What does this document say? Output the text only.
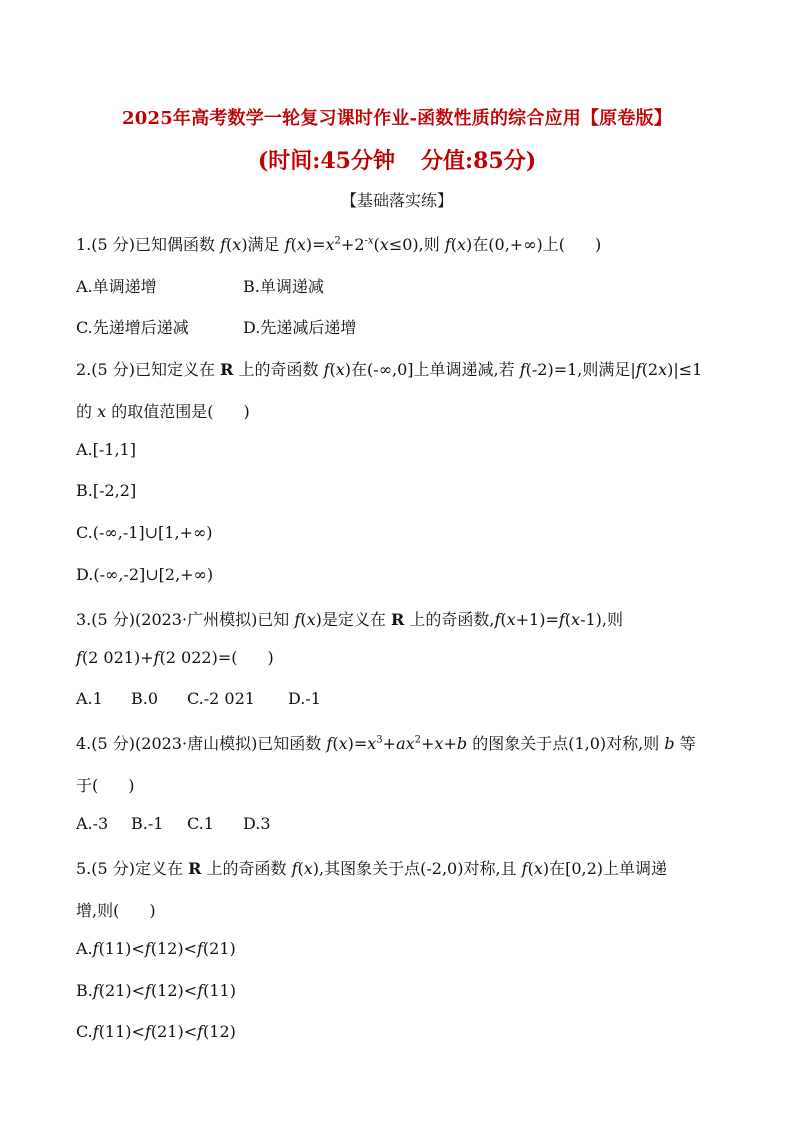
2025年高考数学一轮复习课时作业-函数性质的综合应用【原卷版】
(时间:45分钟 分值:85分)
【基础落实练】
1.(5 分)已知偶函数 f(x)满足 $f(x)=x^2+2^{-x}(x\le 0)$,则 f(x)在(0,+∞)上( )
A.单调递增	B.单调递减
C.先递增后递减	D.先递减后递增
2.(5 分)已知定义在 R 上的奇函数 f(x)在(-∞,0]上单调递减,若 f(-2)=1,则满足|f(2x)|≤1
的 x 的取值范围是( )
A.[-1,1]
B.[-2,2]
C.(-∞,-1]∪[1,+∞)
D.(-∞,-2]∪[2,+∞)
3.(5 分)(2023·广州模拟)已知 f(x)是定义在 R 上的奇函数,f(x+1)=f(x-1),则
f(2 021)+f(2 022)=( )
A.1 B.0 C.-2 021 D.-1
4.(5 分)(2023·唐山模拟)已知函数 $f(x)=x^3+ax^2+x+b$ 的图象关于点(1,0)对称,则 b 等
于( )
A.-3 B.-1 C.1 D.3
5.(5 分)定义在 R 上的奇函数 f(x),其图象关于点(-2,0)对称,且 f(x)在[0,2)上单调递
增,则( )
A.f(11)<f(12)<f(21)
B.f(21)<f(12)<f(11)
C.f(11)<f(21)<f(12)
